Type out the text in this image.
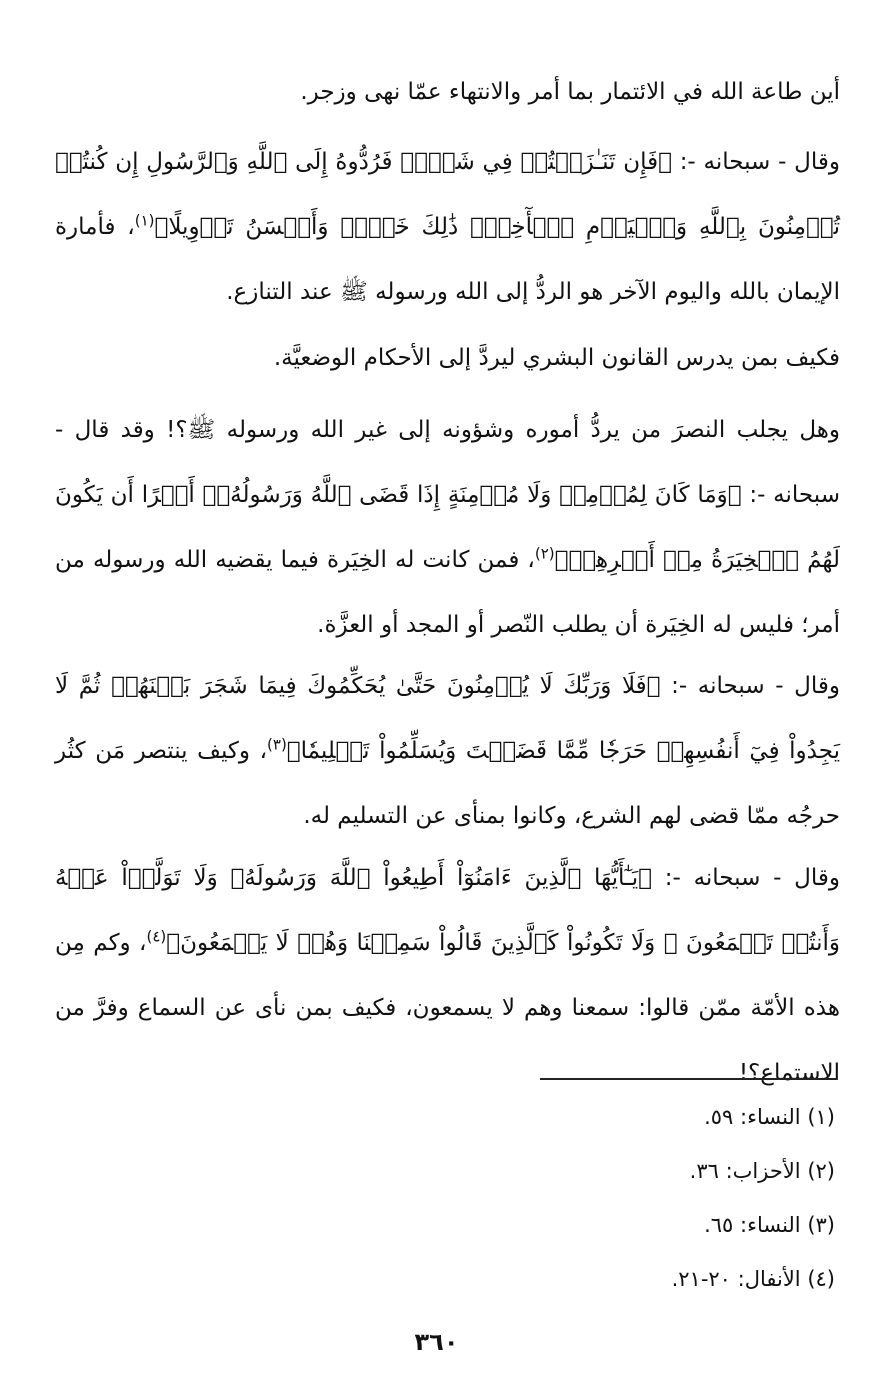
أين طاعة الله في الائتمار بما أمر والانتهاء عمّا نهى وزجر.
وقال - سبحانه -: ﴿فَإِن تَنَـٰزَعۡتُمۡ فِي شَيۡءٖ فَرُدُّوهُ إِلَى ٱللَّهِ وَٱلرَّسُولِ إِن كُنتُمۡ تُؤۡمِنُونَ بِٱللَّهِ وَٱلۡيَوۡمِ ٱلۡأٓخِرِۚ ذَٰلِكَ خَيۡرٞ وَأَحۡسَنُ تَأۡوِيلًا﴾$^{(١)}$، فأمارة الإيمان بالله واليوم الآخر هو الردُّ إلى الله ورسوله ﷺ عند التنازع.
فكيف بمن يدرس القانون البشري ليردَّ إلى الأحكام الوضعيَّة.
وهل يجلب النصرَ من يردُّ أموره وشؤونه إلى غير الله ورسوله ﷺ؟! وقد قال - سبحانه -: ﴿وَمَا كَانَ لِمُؤۡمِنٖ وَلَا مُؤۡمِنَةٍ إِذَا قَضَى ٱللَّهُ وَرَسُولُهُۥٓ أَمۡرًا أَن يَكُونَ لَهُمُ ٱلۡخِيَرَةُ مِنۡ أَمۡرِهِمۡ﴾$^{(٢)}$، فمن كانت له الخِيَرة فيما يقضيه الله ورسوله من أمر؛ فليس له الخِيَرة أن يطلب النّصر أو المجد أو العزَّة.
وقال - سبحانه -: ﴿فَلَا وَرَبِّكَ لَا يُؤۡمِنُونَ حَتَّىٰ يُحَكِّمُوكَ فِيمَا شَجَرَ بَيۡنَهُمۡ ثُمَّ لَا يَجِدُواْ فِيٓ أَنفُسِهِمۡ حَرَجٗا مِّمَّا قَضَيۡتَ وَيُسَلِّمُواْ تَسۡلِيمٗا﴾$^{(٣)}$، وكيف ينتصر مَن كثُر حرجُه ممّا قضى لهم الشرع، وكانوا بمنأى عن التسليم له.
وقال - سبحانه -: ﴿يَـٰٓأَيُّهَا ٱلَّذِينَ ءَامَنُوٓاْ أَطِيعُواْ ٱللَّهَ وَرَسُولَهُۥ وَلَا تَوَلَّوۡاْ عَنۡهُ وَأَنتُمۡ تَسۡمَعُونَ ۞ وَلَا تَكُونُواْ كَٱلَّذِينَ قَالُواْ سَمِعۡنَا وَهُمۡ لَا يَسۡمَعُونَ﴾$^{(٤)}$، وكم مِن هذه الأمّة ممّن قالوا: سمعنا وهم لا يسمعون، فكيف بمن نأى عن السماع وفرَّ من الاستماع؟!
(١) النساء: ٥٩.
(٢) الأحزاب: ٣٦.
(٣) النساء: ٦٥.
(٤) الأنفال: ٢٠-٢١.
٣٦٠
